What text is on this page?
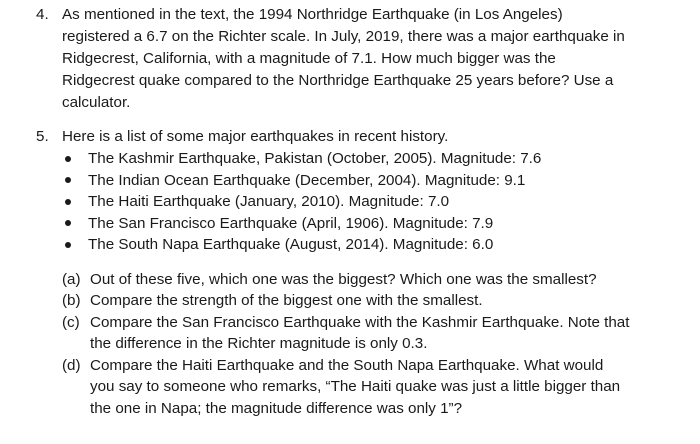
4. As mentioned in the text, the 1994 Northridge Earthquake (in Los Angeles)
registered a 6.7 on the Richter scale. In July, 2019, there was a major earthquake in
Ridgecrest, California, with a magnitude of 7.1. How much bigger was the
Ridgecrest quake compared to the Northridge Earthquake 25 years before? Use a
calculator.
5. Here is a list of some major earthquakes in recent history.
The Kashmir Earthquake, Pakistan (October, 2005). Magnitude: 7.6
The Indian Ocean Earthquake (December, 2004). Magnitude: 9.1
The Haiti Earthquake (January, 2010). Magnitude: 7.0
The San Francisco Earthquake (April, 1906). Magnitude: 7.9
The South Napa Earthquake (August, 2014). Magnitude: 6.0
(a) Out of these five, which one was the biggest? Which one was the smallest?
(b) Compare the strength of the biggest one with the smallest.
(c) Compare the San Francisco Earthquake with the Kashmir Earthquake. Note that
the difference in the Richter magnitude is only 0.3.
(d) Compare the Haiti Earthquake and the South Napa Earthquake. What would
you say to someone who remarks, “The Haiti quake was just a little bigger than
the one in Napa; the magnitude difference was only 1”?
